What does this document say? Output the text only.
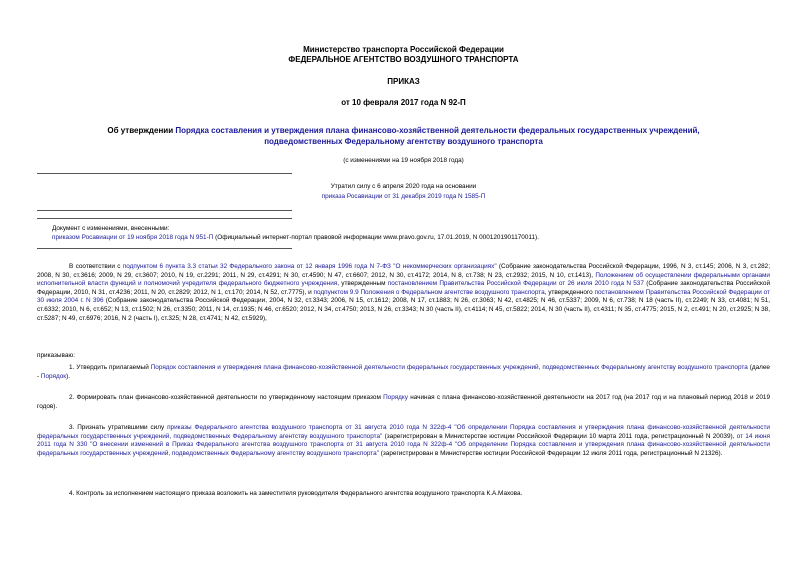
Министерство транспорта Российской Федерации
ФЕДЕРАЛЬНОЕ АГЕНТСТВО ВОЗДУШНОГО ТРАНСПОРТА
ПРИКАЗ
от 10 февраля 2017 года N 92-П
Об утверждении Порядка составления и утверждения плана финансово-хозяйственной деятельности федеральных государственных учреждений, подведомственных Федеральному агентству воздушного транспорта
(с изменениями на 19 ноября 2018 года)
Утратил силу с 6 апреля 2020 года на основании
приказа Росавиации от 31 декабря 2019 года N 1585-П
Документ с изменениями, внесенными:
приказом Росавиации от 19 ноября 2018 года N 951-П (Официальный интернет-портал правовой информации www.pravo.gov.ru, 17.01.2019, N 0001201901170011).
В соответствии с подпунктом 6 пункта 3.3 статьи 32 Федерального закона от 12 января 1996 года N 7-ФЗ "О некоммерческих организациях" (Собрание законодательства Российской Федерации, 1996, N 3, ст.145; 2006, N 3, ст.282; 2008, N 30, ст.3616; 2009, N 29, ст.3607; 2010, N 19, ст.2291; 2011, N 29, ст.4291; N 30, ст.4590; N 47, ст.6607; 2012, N 30, ст.4172; 2014, N 8, ст.738; N 23, ст.2932; 2015, N 10, ст.1413), Положением об осуществлении федеральными органами исполнительной власти функций и полномочий учредителя федерального бюджетного учреждения, утвержденным постановлением Правительства Российской Федерации от 26 июля 2010 года N 537 (Собрание законодательства Российской Федерации, 2010, N 31, ст.4236; 2011, N 20, ст.2829; 2012, N 1, ст.170; 2014, N 52, ст.7775), и подпунктом 9.9 Положения о Федеральном агентстве воздушного транспорта, утвержденного постановлением Правительства Российской Федерации от 30 июля 2004 г. N 396 (Собрание законодательства Российской Федерации, 2004, N 32, ст.3343; 2006, N 15, ст.1612; 2008, N 17, ст.1883; N 26, ст.3063; N 42, ст.4825; N 46, ст.5337; 2009, N 6, ст.738; N 18 (часть II), ст.2249; N 33, ст.4081; N 51, ст.6332; 2010, N 6, ст.652; N 13, ст.1502; N 26, ст.3350; 2011, N 14, ст.1935; N 46, ст.6520; 2012, N 34, ст.4750; 2013, N 26, ст.3343; N 30 (часть II), ст.4114; N 45, ст.5822; 2014, N 30 (часть II), ст.4311; N 35, ст.4775; 2015, N 2, ст.491; N 20, ст.2925; N 38, ст.5287; N 49, ст.6976; 2016, N 2 (часть I), ст.325; N 28, ст.4741; N 42, ст.5929),
приказываю:
1. Утвердить прилагаемый Порядок составления и утверждения плана финансово-хозяйственной деятельности федеральных государственных учреждений, подведомственных Федеральному агентству воздушного транспорта (далее - Порядок).
2. Формировать план финансово-хозяйственной деятельности по утвержденному настоящим приказом Порядку начиная с плана финансово-хозяйственной деятельности на 2017 год (на 2017 год и на плановый период 2018 и 2019 годов).
3. Признать утратившими силу приказы Федерального агентства воздушного транспорта от 31 августа 2010 года N 322ф-4 "Об определении Порядка составления и утверждения плана финансово-хозяйственной деятельности федеральных государственных учреждений, подведомственных Федеральному агентству воздушного транспорта" (зарегистрирован в Министерстве юстиции Российской Федерации 10 марта 2011 года, регистрационный N 20039), от 14 июня 2011 года N 330 "О внесении изменений в Приказ Федерального агентства воздушного транспорта от 31 августа 2010 года N 322ф-4 "Об определении Порядка составления и утверждения плана финансово-хозяйственной деятельности федеральных государственных учреждений, подведомственных Федеральному агентству воздушного транспорта" (зарегистрирован в Министерстве юстиции Российской Федерации 12 июля 2011 года, регистрационный N 21326).
4. Контроль за исполнением настоящего приказа возложить на заместителя руководителя Федерального агентства воздушного транспорта К.А.Махова.
